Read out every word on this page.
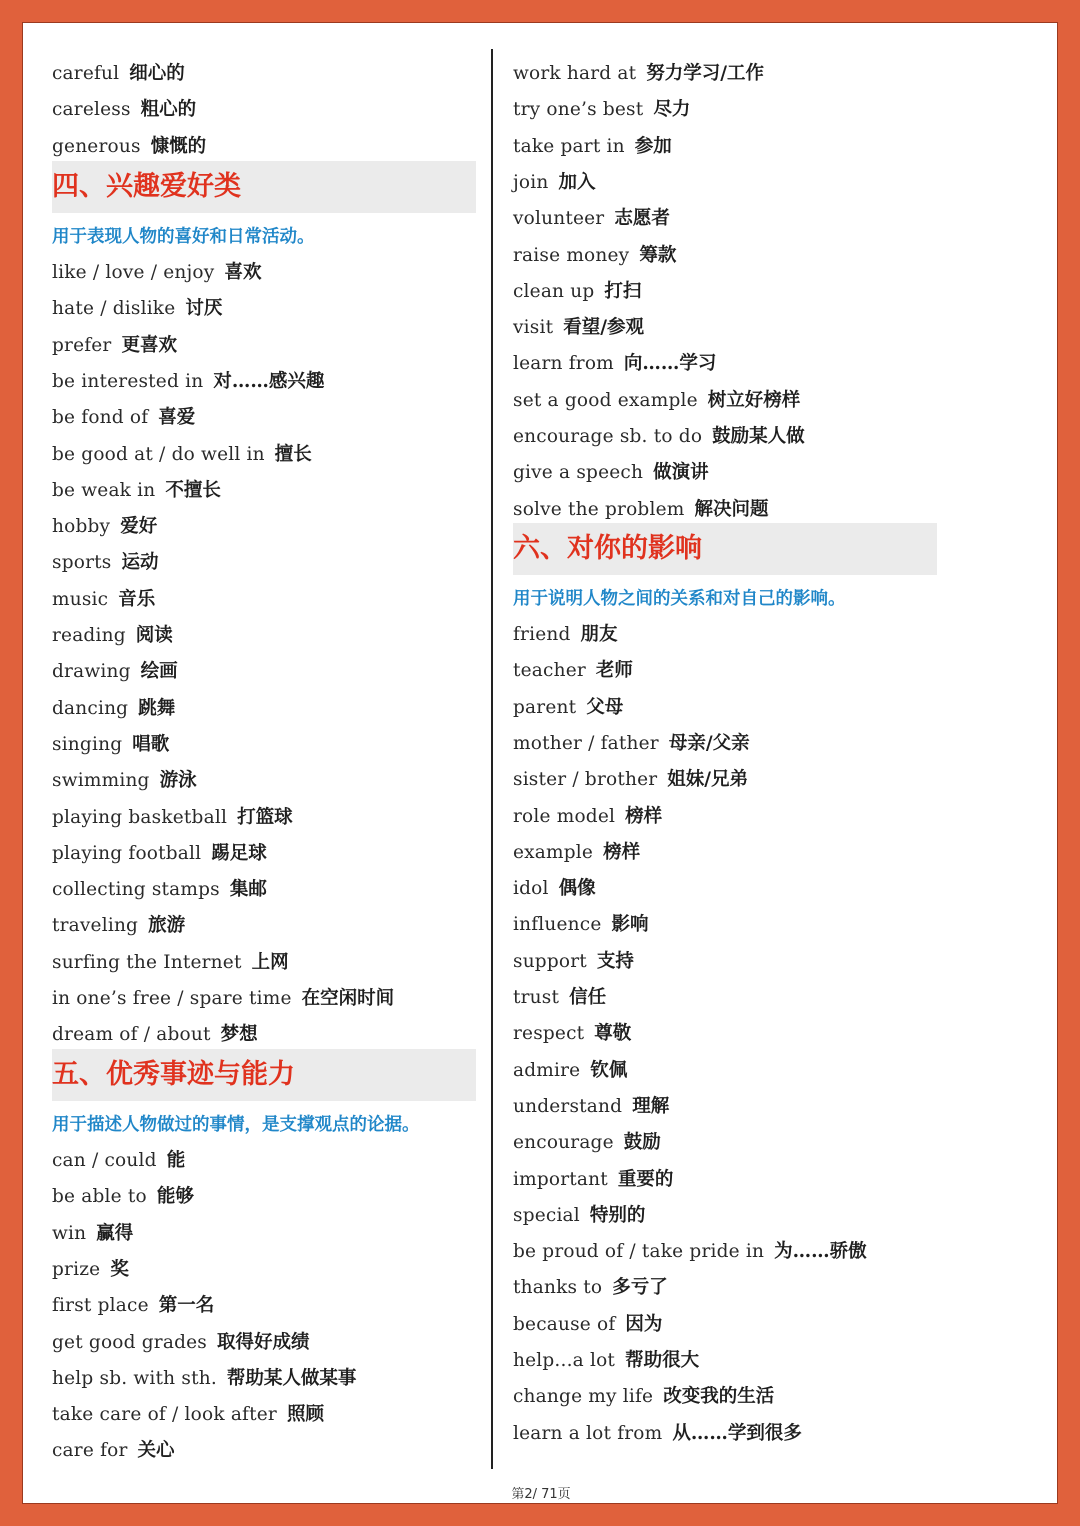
careful 细心的
careless 粗心的
generous 慷慨的
四、兴趣爱好类
用于表现人物的喜好和日常活动。
like / love / enjoy 喜欢
hate / dislike 讨厌
prefer 更喜欢
be interested in 对……感兴趣
be fond of 喜爱
be good at / do well in 擅长
be weak in 不擅长
hobby 爱好
sports 运动
music 音乐
reading 阅读
drawing 绘画
dancing 跳舞
singing 唱歌
swimming 游泳
playing basketball 打篮球
playing football 踢足球
collecting stamps 集邮
traveling 旅游
surfing the Internet 上网
in one’s free / spare time 在空闲时间
dream of / about 梦想
五、优秀事迹与能力
用于描述人物做过的事情，是支撑观点的论据。
can / could 能
be able to 能够
win 赢得
prize 奖
first place 第一名
get good grades 取得好成绩
help sb. with sth. 帮助某人做某事
take care of / look after 照顾
care for 关心
work hard at 努力学习/工作
try one’s best 尽力
take part in 参加
join 加入
volunteer 志愿者
raise money 筹款
clean up 打扫
visit 看望/参观
learn from 向……学习
set a good example 树立好榜样
encourage sb. to do 鼓励某人做
give a speech 做演讲
solve the problem 解决问题
六、对你的影响
用于说明人物之间的关系和对自己的影响。
friend 朋友
teacher 老师
parent 父母
mother / father 母亲/父亲
sister / brother 姐妹/兄弟
role model 榜样
example 榜样
idol 偶像
influence 影响
support 支持
trust 信任
respect 尊敬
admire 钦佩
understand 理解
encourage 鼓励
important 重要的
special 特别的
be proud of / take pride in 为……骄傲
thanks to 多亏了
because of 因为
help...a lot 帮助很大
change my life 改变我的生活
learn a lot from 从……学到很多
第2/ 71页
